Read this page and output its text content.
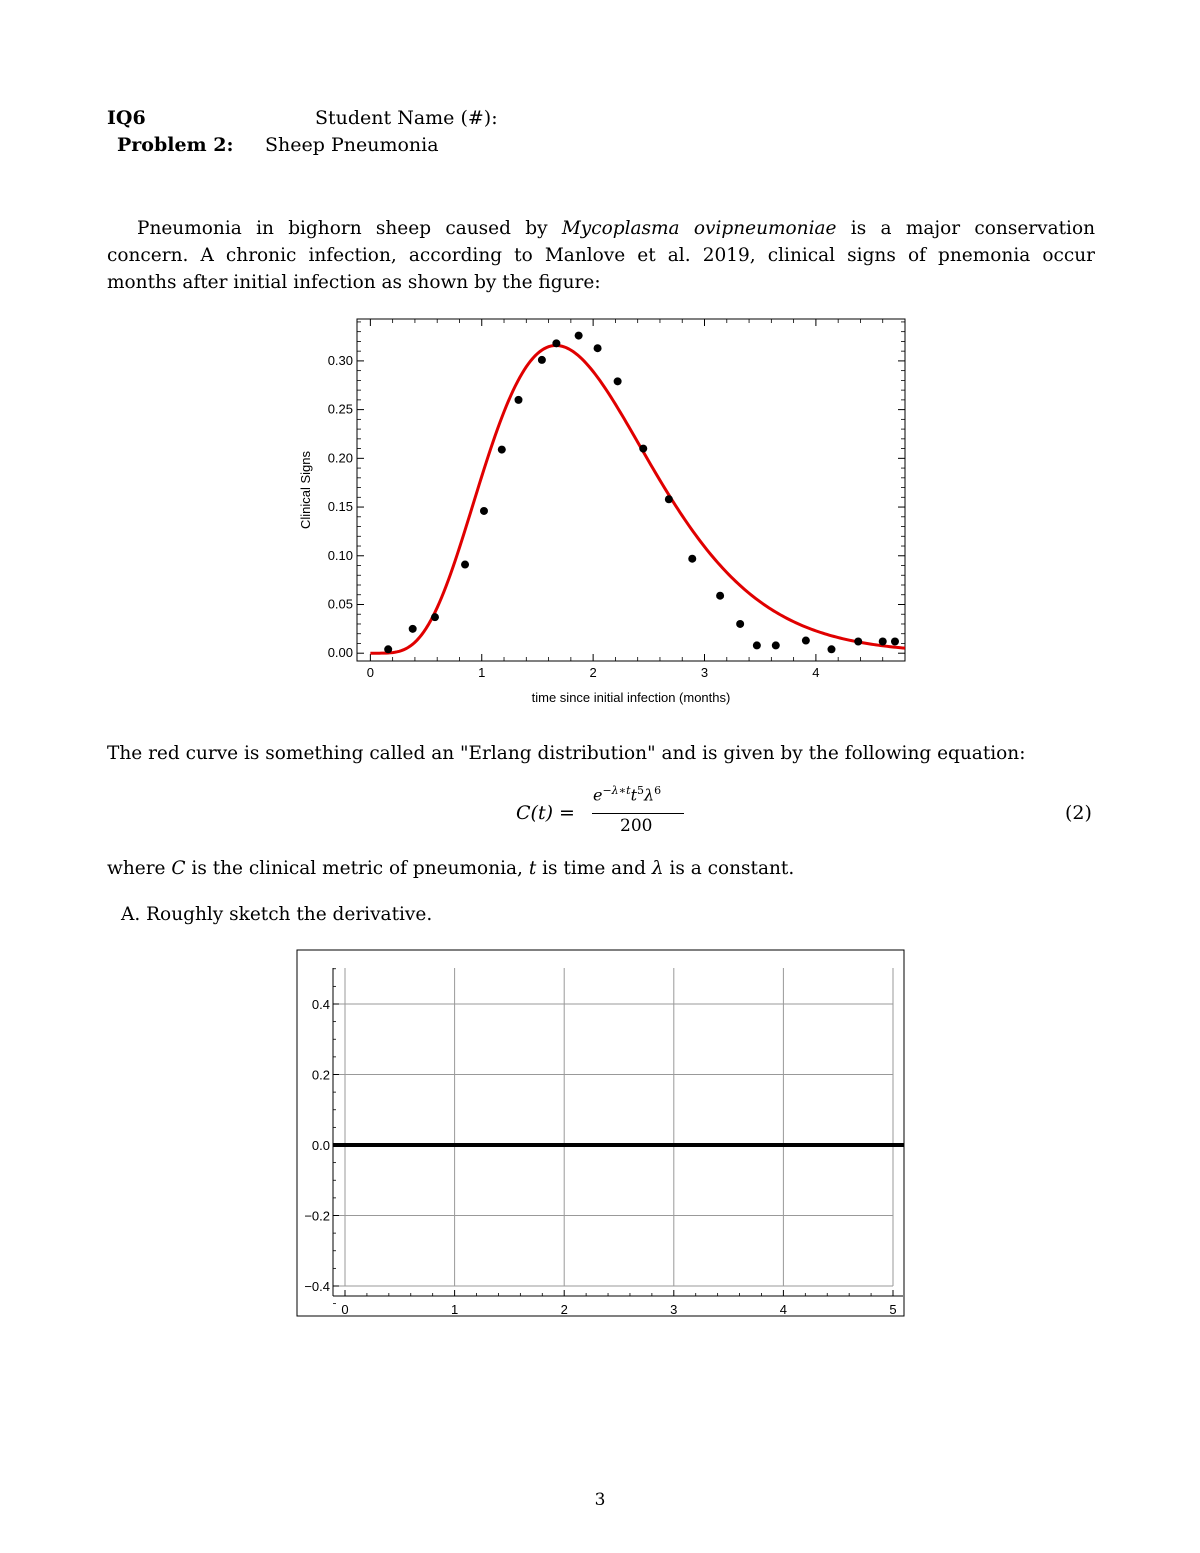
IQ6	Student Name (#):
Problem 2: Sheep Pneumonia
Pneumonia in bighorn sheep caused by Mycoplasma ovipneumoniae is a major conservation
concern. A chronic infection, according to Manlove et al. 2019, clinical signs of pnemonia occur
months after initial infection as shown by the figure:
0	1	2	3	4
0.00
0.05
0.10
0.15
0.20
0.25
0.30
time since initial infection (months)
Clinical Signs
The red curve is something called an "Erlang distribution" and is given by the following equation:
C(t) =
$e^{-\lambda∗t}t^5\lambda^6$
200
(2)
where C is the clinical metric of pneumonia, t is time and λ is a constant.
A. Roughly sketch the derivative.
0	1	2	3	4	5
−0.4
−0.2
0.0
0.2
0.4
3
